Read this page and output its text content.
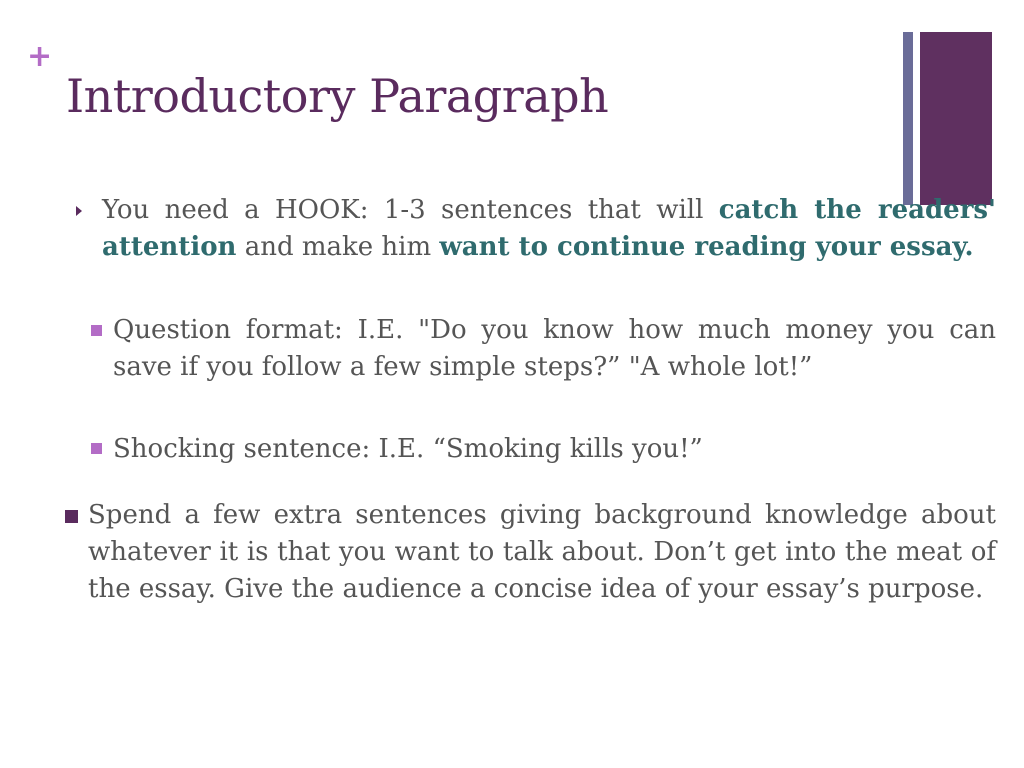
+
Introductory Paragraph
You need a HOOK: 1-3 sentences that will catch the readers' attention and make him want to continue reading your essay.
Question format: I.E. "Do you know how much money you can save if you follow a few simple steps?” "A whole lot!”
Shocking sentence: I.E. “Smoking kills you!”
Spend a few extra sentences giving background knowledge about whatever it is that you want to talk about. Don’t get into the meat of the essay. Give the audience a concise idea of your essay’s purpose.
